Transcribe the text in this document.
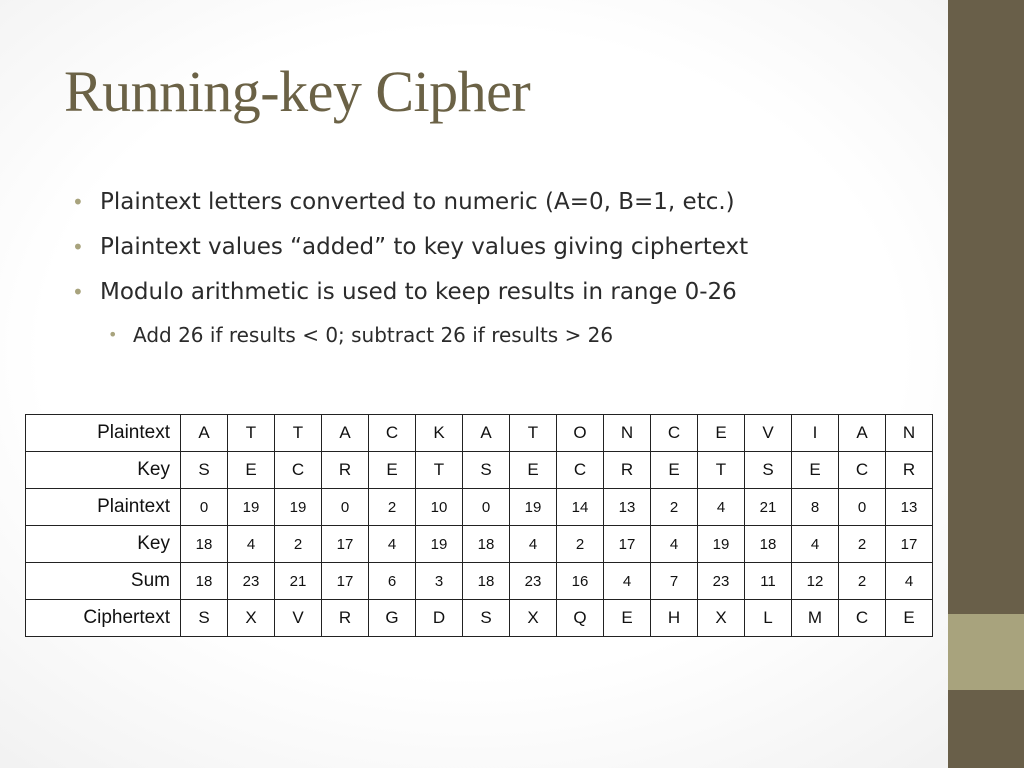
Running-key Cipher
• Plaintext letters converted to numeric (A=0, B=1, etc.)
• Plaintext values “added” to key values giving ciphertext
• Modulo arithmetic is used to keep results in range 0-26
• Add 26 if results < 0; subtract 26 if results > 26
Plaintext	A	T	T	A	C	K	A	T	O	N	C	E	V	I	A	N
Key	S	E	C	R	E	T	S	E	C	R	E	T	S	E	C	R
Plaintext	0	19	19	0	2	10	0	19	14	13	2	4	21	8	0	13
Key	18	4	2	17	4	19	18	4	2	17	4	19	18	4	2	17
Sum	18	23	21	17	6	3	18	23	16	4	7	23	11	12	2	4
Ciphertext	S	X	V	R	G	D	S	X	Q	E	H	X	L	M	C	E
